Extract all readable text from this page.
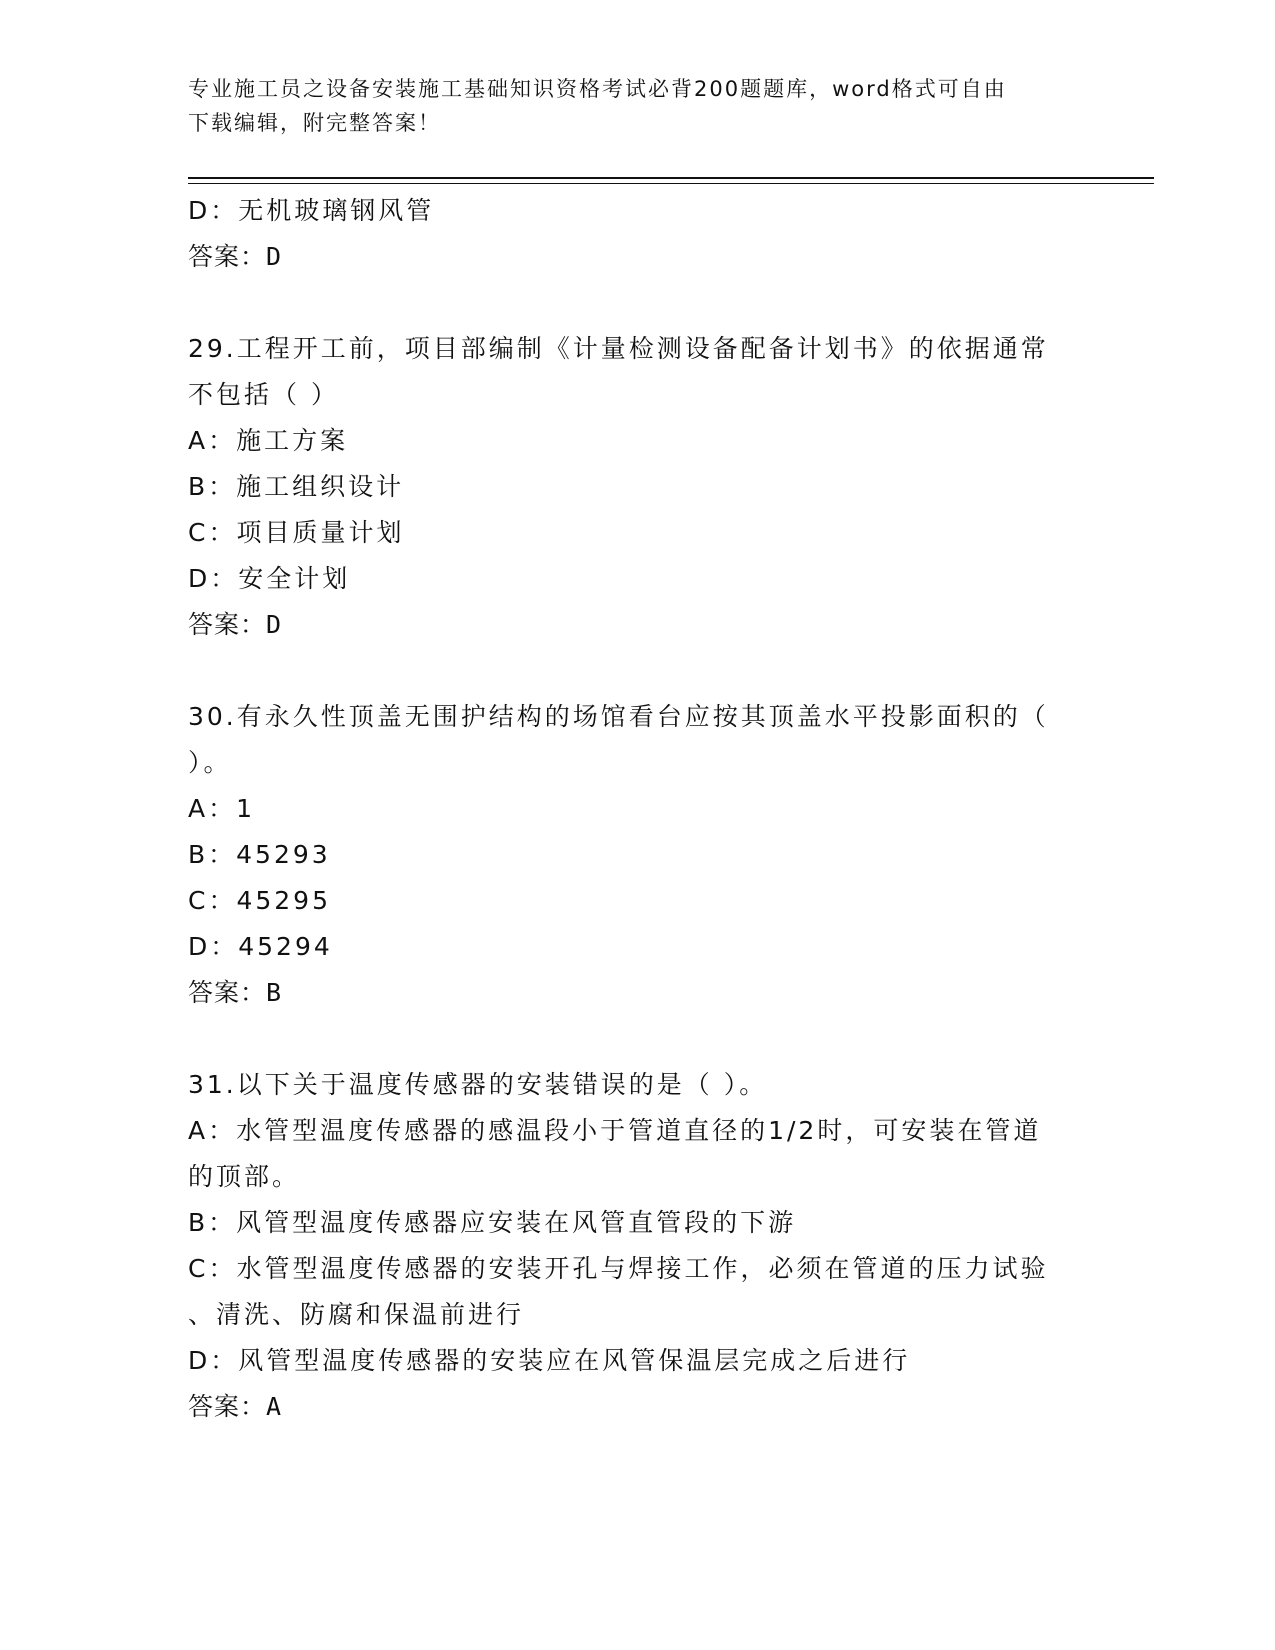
专业施工员之设备安装施工基础知识资格考试必背200题题库，word格式可自由
下载编辑，附完整答案！
D：无机玻璃钢风管
答案：D
29.工程开工前，项目部编制《计量检测设备配备计划书》的依据通常
不包括（ ）
A：施工方案
B：施工组织设计
C：项目质量计划
D：安全计划
答案：D
30.有永久性顶盖无围护结构的场馆看台应按其顶盖水平投影面积的（
）。
A：1
B：45293
C：45295
D：45294
答案：B
31.以下关于温度传感器的安装错误的是（ ）。
A：水管型温度传感器的感温段小于管道直径的1/2时，可安装在管道
的顶部。
B：风管型温度传感器应安装在风管直管段的下游
C：水管型温度传感器的安装开孔与焊接工作，必须在管道的压力试验
、清洗、防腐和保温前进行
D：风管型温度传感器的安装应在风管保温层完成之后进行
答案：A
